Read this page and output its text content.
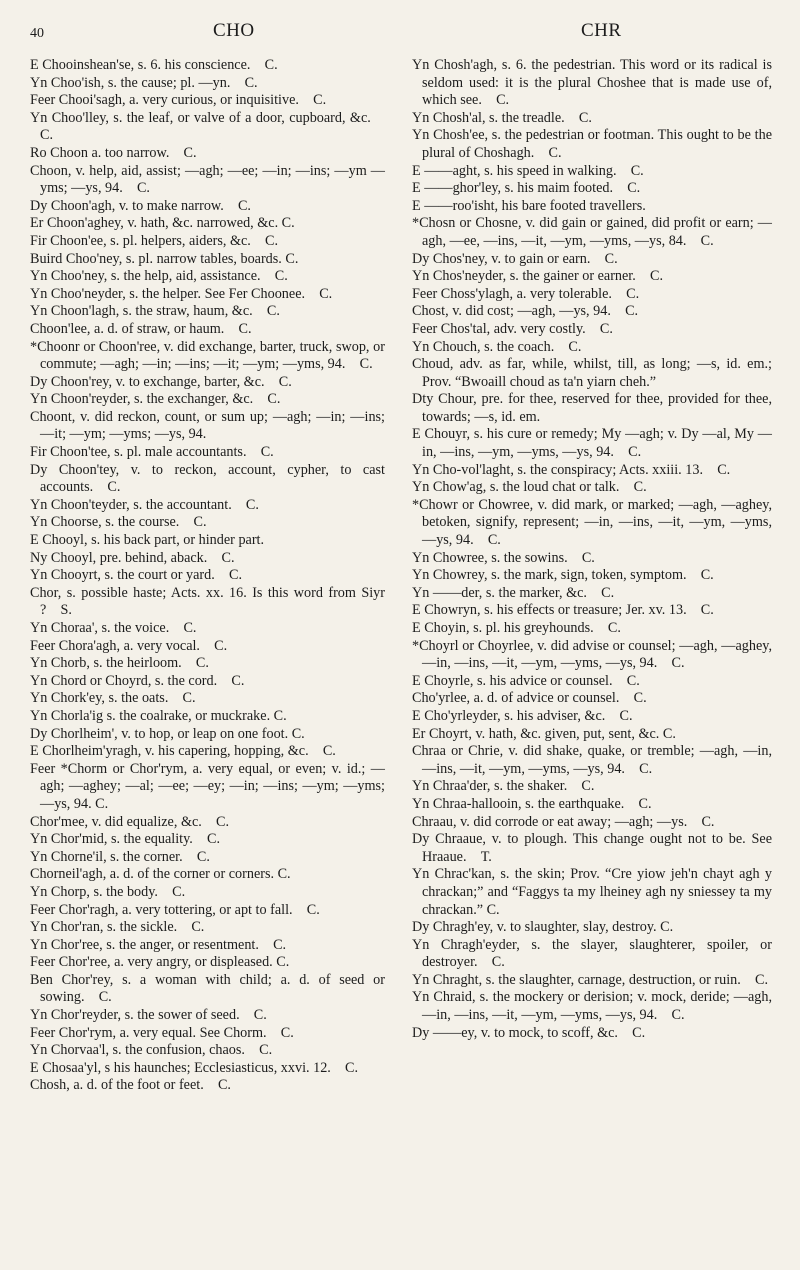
40	CHO	CHR

E Chooinshean'se, s. 6. his conscience. C.

Yn Choo'ish, s. the cause; pl. —yn. C.

Feer Chooi'sagh, a. very curious, or inquisitive. C.

Yn Choo'lley, s. the leaf, or valve of a door, cupboard, &c. C.

Ro Choon a. too narrow. C.

Choon, v. help, aid, assist; —agh; —ee; —in; —ins; —ym —yms; —ys, 94. C.

Dy Choon'agh, v. to make narrow. C.

Er Choon'aghey, v. hath, &c. narrowed, &c. C.

Fir Choon'ee, s. pl. helpers, aiders, &c. C.

Buird Choo'ney, s. pl. narrow tables, boards. C.

Yn Choo'ney, s. the help, aid, assistance. C.

Yn Choo'neyder, s. the helper. See Fer Choonee. C.

Yn Choon'lagh, s. the straw, haum, &c. C.

Choon'lee, a. d. of straw, or haum. C.

*Choonr or Choon'ree, v. did exchange, barter, truck, swop, or commute; —agh; —in; —ins; —it; —ym; —yms, 94. C.

Dy Choon'rey, v. to exchange, barter, &c. C.

Yn Choon'reyder, s. the exchanger, &c. C.

Choont, v. did reckon, count, or sum up; —agh; —in; —ins; —it; —ym; —yms; —ys, 94.

Fir Choon'tee, s. pl. male accountants. C.

Dy Choon'tey, v. to reckon, account, cypher, to cast accounts. C.

Yn Choon'teyder, s. the accountant. C.

Yn Choorse, s. the course. C.

E Chooyl, s. his back part, or hinder part.

Ny Chooyl, pre. behind, aback. C.

Yn Chooyrt, s. the court or yard. C.

Chor, s. possible haste; Acts. xx. 16. Is this word from Siyr ? S.

Yn Choraa', s. the voice. C.

Feer Chora'agh, a. very vocal. C.

Yn Chorb, s. the heirloom. C.

Yn Chord or Choyrd, s. the cord. C.

Yn Chork'ey, s. the oats. C.

Yn Chorla'ig s. the coalrake, or muckrake. C.

Dy Chorlheim', v. to hop, or leap on one foot. C.

E Chorlheim'yragh, v. his capering, hopping, &c. C.

Feer *Chorm or Chor'rym, a. very equal, or even; v. id.; —agh; —aghey; —al; —ee; —ey; —in; —ins; —ym; —yms; —ys, 94. C.

Chor'mee, v. did equalize, &c. C.

Yn Chor'mid, s. the equality. C.

Yn Chorne'il, s. the corner. C.

Chorneil'agh, a. d. of the corner or corners. C.

Yn Chorp, s. the body. C.

Feer Chor'ragh, a. very tottering, or apt to fall. C.

Yn Chor'ran, s. the sickle. C.

Yn Chor'ree, s. the anger, or resentment. C.

Feer Chor'ree, a. very angry, or displeased. C.

Ben Chor'rey, s. a woman with child; a. d. of seed or sowing. C.

Yn Chor'reyder, s. the sower of seed. C.

Feer Chor'rym, a. very equal. See Chorm. C.

Yn Chorvaa'l, s. the confusion, chaos. C.

E Chosaa'yl, s his haunches; Ecclesiasticus, xxvi. 12. C.

Chosh, a. d. of the foot or feet. C.

Yn Chosh'agh, s. 6. the pedestrian. This word or its radical is seldom used: it is the plural Choshee that is made use of, which see. C.

Yn Chosh'al, s. the treadle. C.

Yn Chosh'ee, s. the pedestrian or footman. This ought to be the plural of Choshagh. C.

E ——aght, s. his speed in walking. C.

E ——ghor'ley, s. his maim footed. C.

E ——roo'isht, his bare footed travellers.

*Chosn or Chosne, v. did gain or gained, did profit or earn; —agh, —ee, —ins, —it, —ym, —yms, —ys, 84. C.

Dy Chos'ney, v. to gain or earn. C.

Yn Chos'neyder, s. the gainer or earner. C.

Feer Choss'ylagh, a. very tolerable. C.

Chost, v. did cost; —agh, —ys, 94. C.

Feer Chos'tal, adv. very costly. C.

Yn Chouch, s. the coach. C.

Choud, adv. as far, while, whilst, till, as long; —s, id. em.; Prov. “Bwoaill choud as ta'n yiarn cheh.”

Dty Chour, pre. for thee, reserved for thee, provided for thee, towards; —s, id. em.

E Chouyr, s. his cure or remedy; My —agh; v. Dy —al, My —in, —ins, —ym, —yms, —ys, 94. C.

Yn Cho-vol'laght, s. the conspiracy; Acts. xxiii. 13. C.

Yn Chow'ag, s. the loud chat or talk. C.

*Chowr or Chowree, v. did mark, or marked; —agh, —aghey, betoken, signify, represent; —in, —ins, —it, —ym, —yms, —ys, 94. C.

Yn Chowree, s. the sowins. C.

Yn Chowrey, s. the mark, sign, token, symptom. C.

Yn ——der, s. the marker, &c. C.

E Chowryn, s. his effects or treasure; Jer. xv. 13. C.

E Choyin, s. pl. his greyhounds. C.

*Choyrl or Choyrlee, v. did advise or counsel; —agh, —aghey, —in, —ins, —it, —ym, —yms, —ys, 94. C.

E Choyrle, s. his advice or counsel. C.

Cho'yrlee, a. d. of advice or counsel. C.

E Cho'yrleyder, s. his adviser, &c. C.

Er Choyrt, v. hath, &c. given, put, sent, &c. C.

Chraa or Chrie, v. did shake, quake, or tremble; —agh, —in, —ins, —it, —ym, —yms, —ys, 94. C.

Yn Chraa'der, s. the shaker. C.

Yn Chraa-hallooin, s. the earthquake. C.

Chraau, v. did corrode or eat away; —agh; —ys. C.

Dy Chraaue, v. to plough. This change ought not to be. See Hraaue. T.

Yn Chrac'kan, s. the skin; Prov. “Cre yiow jeh'n chayt agh y chrackan;” and “Faggys ta my lheiney agh ny sniessey ta my chrackan.” C.

Dy Chragh'ey, v. to slaughter, slay, destroy. C.

Yn Chragh'eyder, s. the slayer, slaughterer, spoiler, or destroyer. C.

Yn Chraght, s. the slaughter, carnage, destruction, or ruin. C.

Yn Chraid, s. the mockery or derision; v. mock, deride; —agh, —in, —ins, —it, —ym, —yms, —ys, 94. C.

Dy ——ey, v. to mock, to scoff, &c. C.
